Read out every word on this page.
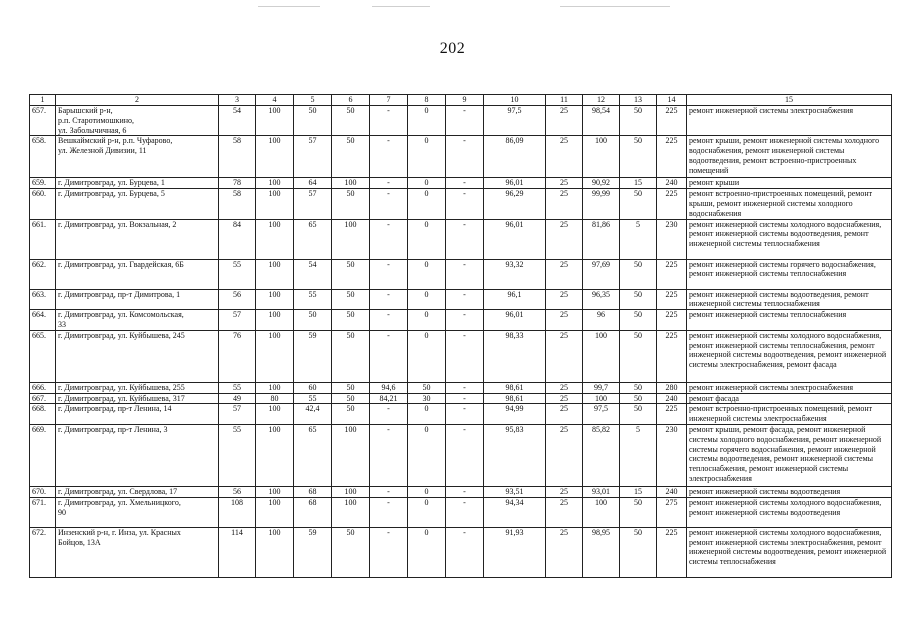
202
1	2	3	4	5	6	7	8	9	10	11	12	13	14	15
657.	Барышский р-н,
р.п. Старотимошкино,
ул. Заболычичная, 6	54	100	50	50	-	0	-	97,5	25	98,54	50	225	ремонт инженерной системы электроснабжения
658.	Вешкаймский р-н, р.п. Чуфарово,
ул. Железной Дивизии, 11	58	100	57	50	-	0	-	86,09	25	100	50	225	ремонт крыши, ремонт инженерной системы холодного водоснабжения, ремонт инженерной системы водоотведения, ремонт встроенно-пристроенных помещений
659.	г. Димитровград, ул. Бурцева, 1	78	100	64	100	-	0	-	96,01	25	90,92	15	240	ремонт крыши
660.	г. Димитровград, ул. Бурцева, 5	58	100	57	50	-	0	-	96,29	25	99,99	50	225	ремонт встроенно-пристроенных помещений, ремонт крыши, ремонт инженерной системы холодного водоснабжения
661.	г. Димитровград, ул. Вокзальная, 2	84	100	65	100	-	0	-	96,01	25	81,86	5	230	ремонт инженерной системы холодного водоснабжения, ремонт инженерной системы водоотведения, ремонт инженерной системы теплоснабжения
662.	г. Димитровград, ул. Гвардейская, 6Б	55	100	54	50	-	0	-	93,32	25	97,69	50	225	ремонт инженерной системы горячего водоснабжения, ремонт инженерной системы теплоснабжения
663.	г. Димитровград, пр-т Димитрова, 1	56	100	55	50	-	0	-	96,1	25	96,35	50	225	ремонт инженерной системы водоотведения, ремонт инженерной системы теплоснабжения
664.	г. Димитровград, ул. Комсомольская,
33	57	100	50	50	-	0	-	96,01	25	96	50	225	ремонт инженерной системы теплоснабжения
665.	г. Димитровград, ул. Куйбышева, 245	76	100	59	50	-	0	-	98,33	25	100	50	225	ремонт инженерной системы холодного водоснабжения, ремонт инженерной системы теплоснабжения, ремонт инженерной системы водоотведения, ремонт инженерной системы электроснабжения, ремонт фасада
666.	г. Димитровград, ул. Куйбышева, 255	55	100	60	50	94,6	50	-	98,61	25	99,7	50	280	ремонт инженерной системы электроснабжения
667.	г. Димитровград, ул. Куйбышева, 317	49	80	55	50	84,21	30	-	98,61	25	100	50	240	ремонт фасада
668.	г. Димитровград, пр-т Ленина, 14	57	100	42,4	50	-	0	-	94,99	25	97,5	50	225	ремонт встроенно-пристроенных помещений, ремонт инженерной системы электроснабжения
669.	г. Димитровград, пр-т Ленина, 3	55	100	65	100	-	0	-	95,83	25	85,82	5	230	ремонт крыши, ремонт фасада, ремонт инженерной системы холодного водоснабжения, ремонт инженерной системы горячего водоснабжения, ремонт инженерной системы водоотведения, ремонт инженерной системы теплоснабжения, ремонт инженерной системы электроснабжения
670.	г. Димитровград, ул. Свердлова, 17	56	100	68	100	-	0	-	93,51	25	93,01	15	240	ремонт инженерной системы водоотведения
671.	г. Димитровград, ул. Хмельницкого,
90	108	100	68	100	-	0	-	94,34	25	100	50	275	ремонт инженерной системы холодного водоснабжения, ремонт инженерной системы водоотведения
672.	Инзенский р-н, г. Инза, ул. Красных
Бойцов, 13А	114	100	59	50	-	0	-	91,93	25	98,95	50	225	ремонт инженерной системы холодного водоснабжения, ремонт инженерной системы электроснабжения, ремонт инженерной системы водоотведения, ремонт инженерной системы теплоснабжения
